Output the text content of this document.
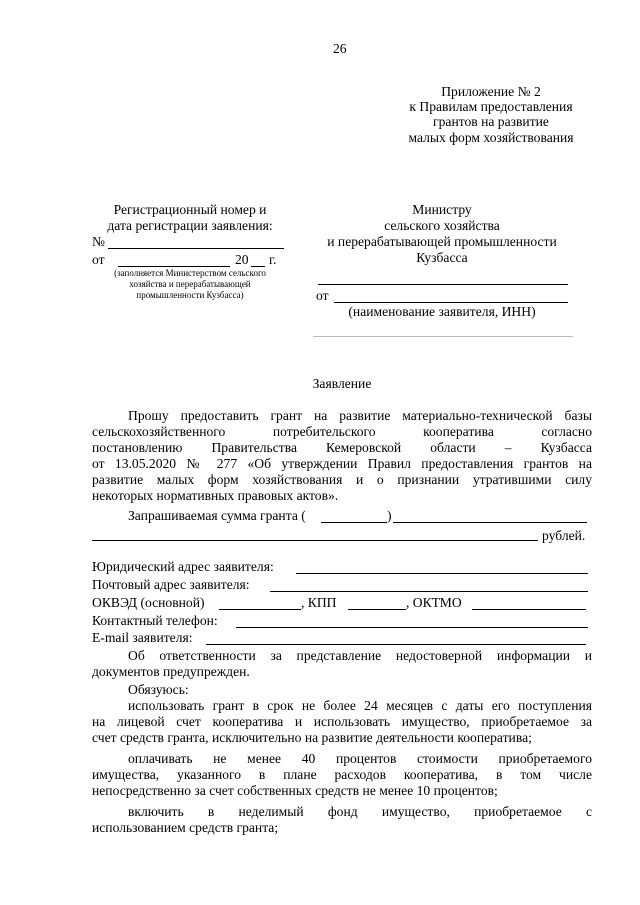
26
Приложение № 2
к Правилам предоставления
грантов на развитие
малых форм хозяйствования
Регистрационный номер и
дата регистрации заявления:
№
от	20 г.
(заполняется Министерством сельского
хозяйства и перерабатывающей
промышленности Кузбасса)
Министру
сельского хозяйства
и перерабатывающей промышленности
Кузбасса
от
(наименование заявителя, ИНН)
Заявление
Прошу предоставить грант на развитие материально-технической базы
сельскохозяйственного потребительского кооператива согласно
постановлению Правительства Кемеровской области – Кузбасса
от 13.05.2020 № 277 «Об утверждении Правил предоставления грантов на
развитие малых форм хозяйствования и о признании утратившими силу
некоторых нормативных правовых актов».
Запрашиваемая сумма гранта (	)
рублей.
Юридический адрес заявителя:
Почтовый адрес заявителя:
ОКВЭД (основной)	, КПП	, ОКТМО
Контактный телефон:
E-mail заявителя:
Об ответственности за представление недостоверной информации и
документов предупрежден.
Обязуюсь:
использовать грант в срок не более 24 месяцев с даты его поступления
на лицевой счет кооператива и использовать имущество, приобретаемое за
счет средств гранта, исключительно на развитие деятельности кооператива;
оплачивать не менее 40 процентов стоимости приобретаемого
имущества, указанного в плане расходов кооператива, в том числе
непосредственно за счет собственных средств не менее 10 процентов;
включить в неделимый фонд имущество, приобретаемое с
использованием средств гранта;
